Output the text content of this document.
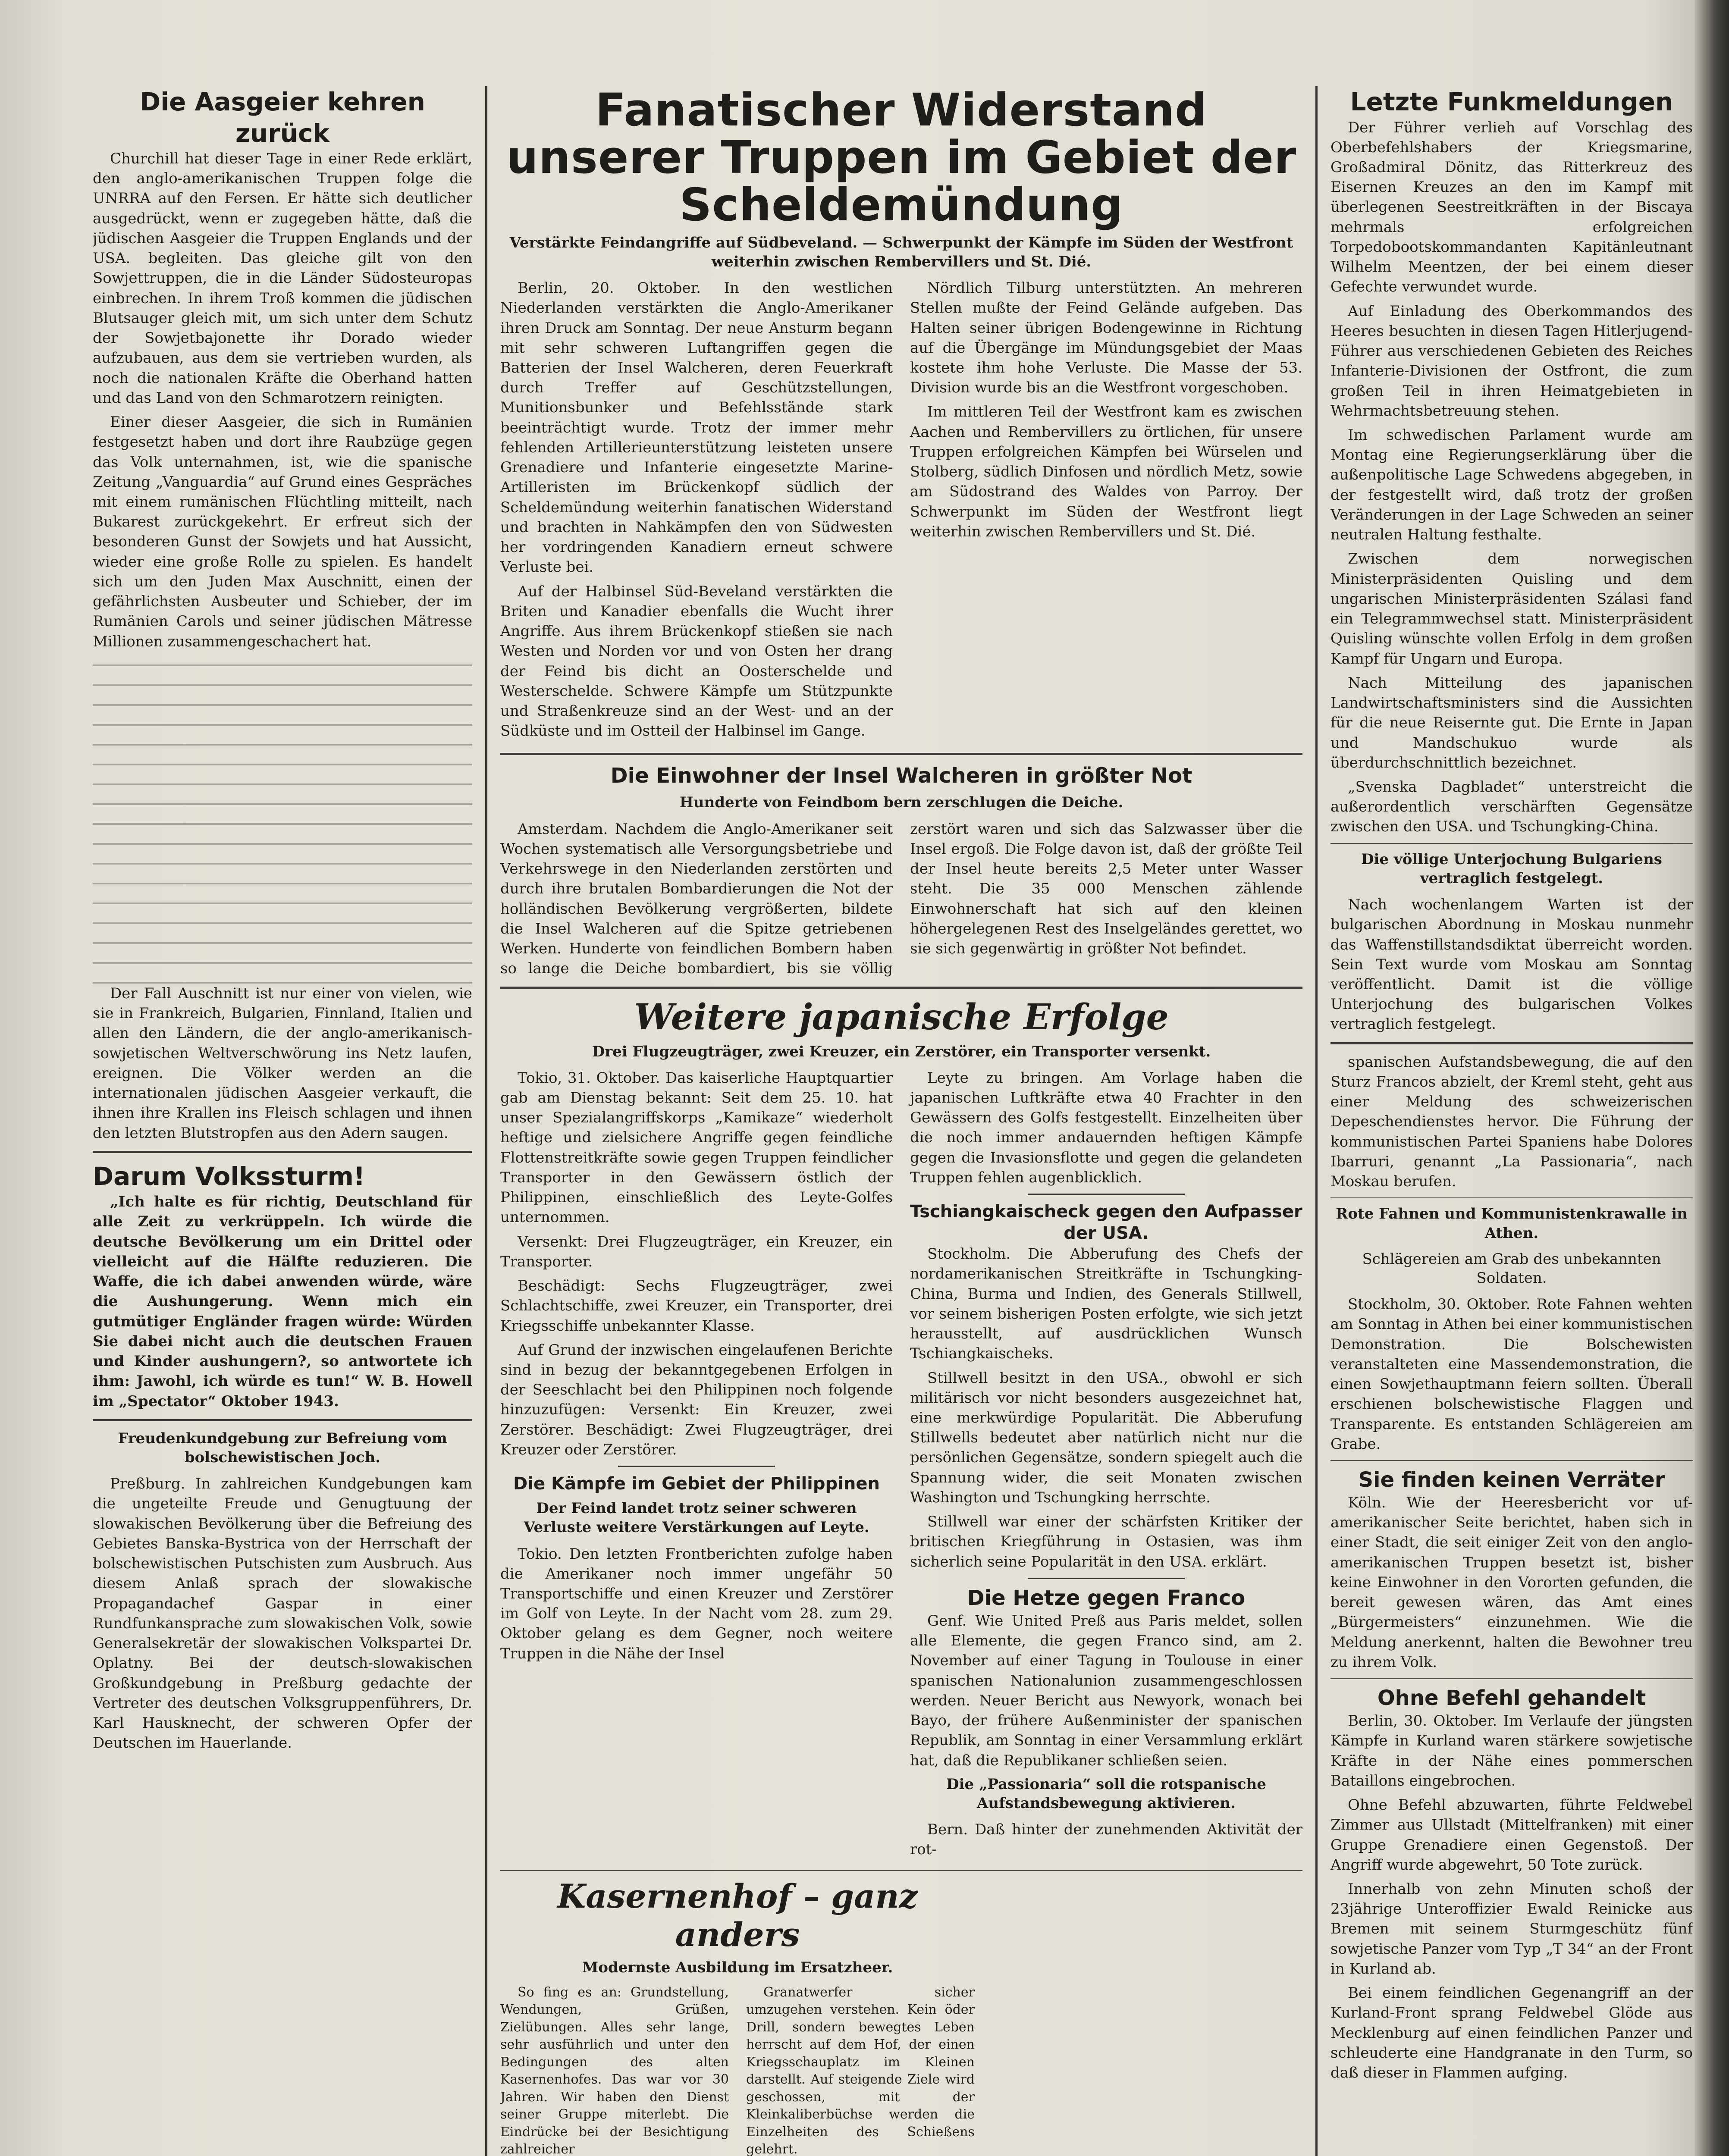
Die Aasgeier kehren zurück

Churchill hat dieser Tage in einer Rede erklärt, den anglo-amerikanischen Truppen folge die UNRRA auf den Fersen. Er hätte sich deutlicher ausgedrückt, wenn er zugegeben hätte, daß die jüdischen Aasgeier die Truppen Englands und der USA. begleiten. Das gleiche gilt von den Sowjettruppen, die in die Länder Südosteuropas einbrechen. In ihrem Troß kommen die jüdischen Blutsauger gleich mit, um sich unter dem Schutz der Sowjetbajonette ihr Dorado wieder aufzubauen, aus dem sie vertrieben wurden, als noch die nationalen Kräfte die Oberhand hatten und das Land von den Schmarotzern reinigten.

Einer dieser Aasgeier, die sich in Rumänien festgesetzt haben und dort ihre Raubzüge gegen das Volk unternahmen, ist, wie die spanische Zeitung „Vanguardia“ auf Grund eines Gespräches mit einem rumänischen Flüchtling mitteilt, nach Bukarest zurückgekehrt. Er erfreut sich der besonderen Gunst der Sowjets und hat Aussicht, wieder eine große Rolle zu spielen. Es handelt sich um den Juden Max Auschnitt, einen der gefährlichsten Ausbeuter und Schieber, der im Rumänien Carols und seiner jüdischen Mätresse Millionen zusammengeschachert hat.

Der Fall Auschnitt ist nur einer von vielen, wie sie in Frankreich, Bulgarien, Finnland, Italien und allen den Ländern, die der anglo-amerikanisch-sowjetischen Weltverschwörung ins Netz laufen, ereignen. Die Völker werden an die internationalen jüdischen Aasgeier verkauft, die ihnen ihre Krallen ins Fleisch schlagen und ihnen den letzten Blutstropfen aus den Adern saugen.

Darum Volkssturm!

„Ich halte es für richtig, Deutschland für alle Zeit zu verkrüppeln. Ich würde die deutsche Bevölkerung um ein Drittel oder vielleicht auf die Hälfte reduzieren. Die Waffe, die ich dabei anwenden würde, wäre die Aushungerung. Wenn mich ein gutmütiger Engländer fragen würde: Würden Sie dabei nicht auch die deutschen Frauen und Kinder aushungern?, so antwortete ich ihm: Jawohl, ich würde es tun!“ W. B. Howell im „Spectator“ Oktober 1943.

Freudenkundgebung zur Befreiung vom bolschewistischen Joch.

Preßburg. In zahlreichen Kundgebungen kam die ungeteilte Freude und Genugtuung der slowakischen Bevölkerung über die Befreiung des Gebietes Banska-Bystrica von der Herrschaft der bolschewistischen Putschisten zum Ausbruch. Aus diesem Anlaß sprach der slowakische Propagandachef Gaspar in einer Rundfunkansprache zum slowakischen Volk, sowie Generalsekretär der slowakischen Volkspartei Dr. Oplatny. Bei der deutsch-slowakischen Großkundgebung in Preßburg gedachte der Vertreter des deutschen Volksgruppenführers, Dr. Karl Hausknecht, der schweren Opfer der Deutschen im Hauerlande.

Fanatischer Widerstand unserer Truppen im Gebiet der Scheldemündung
Verstärkte Feindangriffe auf Südbeveland. — Schwerpunkt der Kämpfe im Süden der Westfront weiterhin zwischen Rembervillers und St. Dié.

Berlin, 20. Oktober. In den westlichen Niederlanden verstärkten die Anglo-Amerikaner ihren Druck am Sonntag. Der neue Ansturm begann mit sehr schweren Luftangriffen gegen die Batterien der Insel Walcheren, deren Feuerkraft durch Treffer auf Geschützstellungen, Munitionsbunker und Befehlsstände stark beeinträchtigt wurde. Trotz der immer mehr fehlenden Artillerieunterstützung leisteten unsere Grenadiere und Infanterie eingesetzte Marine-Artilleristen im Brückenkopf südlich der Scheldemündung weiterhin fanatischen Widerstand und brachten in Nahkämpfen den von Südwesten her vordringenden Kanadiern erneut schwere Verluste bei.

Auf der Halbinsel Süd-Beveland verstärkten die Briten und Kanadier ebenfalls die Wucht ihrer Angriffe. Aus ihrem Brückenkopf stießen sie nach Westen und Norden vor und von Osten her drang der Feind bis dicht an Oosterschelde und Westerschelde. Schwere Kämpfe um Stützpunkte und Straßenkreuze sind an der West- und an der Südküste und im Ostteil der Halbinsel im Gange.

Nördlich Tilburg unterstützten. An mehreren Stellen mußte der Feind Gelände aufgeben. Das Halten seiner übrigen Bodengewinne in Richtung auf die Übergänge im Mündungsgebiet der Maas kostete ihm hohe Verluste. Die Masse der 53. Division wurde bis an die Westfront vorgeschoben.

Im mittleren Teil der Westfront kam es zwischen Aachen und Rembervillers zu örtlichen, für unsere Truppen erfolgreichen Kämpfen bei Würselen und Stolberg, südlich Dinfosen und nördlich Metz, sowie am Südostrand des Waldes von Parroy. Der Schwerpunkt im Süden der Westfront liegt weiterhin zwischen Rembervillers und St. Dié.

Die Einwohner der Insel Walcheren in größter Not
Hunderte von Feindbom bern zerschlugen die Deiche.

Amsterdam. Nachdem die Anglo-Amerikaner seit Wochen systematisch alle Versorgungsbetriebe und Verkehrswege in den Niederlanden zerstörten und durch ihre brutalen Bombardierungen die Not der holländischen Bevölkerung vergrößerten, bildete die Insel Walcheren auf die Spitze getriebenen Werken. Hunderte von feindlichen Bombern haben so lange die Deiche bombardiert, bis sie völlig zerstört waren und sich das Salzwasser über die Insel ergoß. Die Folge davon ist, daß der größte Teil der Insel heute bereits 2,5 Meter unter Wasser steht. Die 35 000 Menschen zählende Einwohnerschaft hat sich auf den kleinen höhergelegenen Rest des Inselgeländes gerettet, wo sie sich gegenwärtig in größter Not befindet.

Weitere japanische Erfolge
Drei Flugzeugträger, zwei Kreuzer, ein Zerstörer, ein Transporter versenkt.

Tokio, 31. Oktober. Das kaiserliche Hauptquartier gab am Dienstag bekannt: Seit dem 25. 10. hat unser Spezialangriffskorps „Kamikaze“ wiederholt heftige und zielsichere Angriffe gegen feindliche Flottenstreitkräfte sowie gegen Truppen feindlicher Transporter in den Gewässern östlich der Philippinen, einschließlich des Leyte-Golfes unternommen.

Versenkt: Drei Flugzeugträger, ein Kreuzer, ein Transporter.

Beschädigt: Sechs Flugzeugträger, zwei Schlachtschiffe, zwei Kreuzer, ein Transporter, drei Kriegsschiffe unbekannter Klasse.

Auf Grund der inzwischen eingelaufenen Berichte sind in bezug der bekanntgegebenen Erfolgen in der Seeschlacht bei den Philippinen noch folgende hinzuzufügen: Versenkt: Ein Kreuzer, zwei Zerstörer. Beschädigt: Zwei Flugzeugträger, drei Kreuzer oder Zerstörer.

Die Kämpfe im Gebiet der Philippinen
Der Feind landet trotz seiner schweren Verluste weitere Verstärkungen auf Leyte.

Tokio. Den letzten Frontberichten zufolge haben die Amerikaner noch immer ungefähr 50 Transportschiffe und einen Kreuzer und Zerstörer im Golf von Leyte. In der Nacht vom 28. zum 29. Oktober gelang es dem Gegner, noch weitere Truppen in die Nähe der Insel

Leyte zu bringen. Am Vorlage haben die japanischen Luftkräfte etwa 40 Frachter in den Gewässern des Golfs festgestellt. Einzelheiten über die noch immer andauernden heftigen Kämpfe gegen die Invasionsflotte und gegen die gelandeten Truppen fehlen augenblicklich.

Tschiangkaischeck gegen den Aufpasser der USA.

Stockholm. Die Abberufung des Chefs der nordamerikanischen Streitkräfte in Tschungking-China, Burma und Indien, des Generals Stillwell, vor seinem bisherigen Posten erfolgte, wie sich jetzt herausstellt, auf ausdrücklichen Wunsch Tschiangkaischeks.

Stillwell besitzt in den USA., obwohl er sich militärisch vor nicht besonders ausgezeichnet hat, eine merkwürdige Popularität. Die Abberufung Stillwells bedeutet aber natürlich nicht nur die persönlichen Gegensätze, sondern spiegelt auch die Spannung wider, die seit Monaten zwischen Washington und Tschungking herrschte.

Stillwell war einer der schärfsten Kritiker der britischen Kriegführung in Ostasien, was ihm sicherlich seine Popularität in den USA. erklärt.

Die Hetze gegen Franco

Genf. Wie United Preß aus Paris meldet, sollen alle Elemente, die gegen Franco sind, am 2. November auf einer Tagung in Toulouse in einer spanischen Nationalunion zusammengeschlossen werden. Neuer Bericht aus Newyork, wonach bei Bayo, der frühere Außenminister der spanischen Republik, am Sonntag in einer Versammlung erklärt hat, daß die Republikaner schließen seien.

Die „Passionaria“ soll die rotspanische Aufstandsbewegung aktivieren.

Bern. Daß hinter der zunehmenden Aktivität der rot-

Kasernenhof – ganz anders
Modernste Ausbildung im Ersatzheer.

So fing es an: Grundstellung, Wendungen, Grüßen, Zielübungen. Alles sehr lange, sehr ausführlich und unter den Bedingungen des alten Kasernenhofes. Das war vor 30 Jahren. Wir haben den Dienst seiner Gruppe miterlebt. Die Eindrücke bei der Besichtigung zahlreicher

Granatwerfer sicher umzugehen verstehen. Kein öder Drill, sondern bewegtes Leben herrscht auf dem Hof, der einen Kriegsschauplatz im Kleinen darstellt. Auf steigende Ziele wird geschossen, mit der Kleinkaliberbüchse werden die Einzelheiten des Schießens gelehrt.

Letzte Funkmeldungen

Der Führer verlieh auf Vorschlag des Oberbefehlshabers der Kriegsmarine, Großadmiral Dönitz, das Ritterkreuz des Eisernen Kreuzes an den im Kampf mit überlegenen Seestreitkräften in der Biscaya mehrmals erfolgreichen Torpedobootskommandanten Kapitänleutnant Wilhelm Meentzen, der bei einem dieser Gefechte verwundet wurde.

Auf Einladung des Oberkommandos des Heeres besuchten in diesen Tagen Hitlerjugend-Führer aus verschiedenen Gebieten des Reiches Infanterie-Divisionen der Ostfront, die zum großen Teil in ihren Heimatgebieten in Wehrmachtsbetreuung stehen.

Im schwedischen Parlament wurde am Montag eine Regierungserklärung über die außenpolitische Lage Schwedens abgegeben, in der festgestellt wird, daß trotz der großen Veränderungen in der Lage Schweden an seiner neutralen Haltung festhalte.

Zwischen dem norwegischen Ministerpräsidenten Quisling und dem ungarischen Ministerpräsidenten Szálasi fand ein Telegrammwechsel statt. Ministerpräsident Quisling wünschte vollen Erfolg in dem großen Kampf für Ungarn und Europa.

Nach Mitteilung des japanischen Landwirtschaftsministers sind die Aussichten für die neue Reisernte gut. Die Ernte in Japan und Mandschukuo wurde als überdurchschnittlich bezeichnet.

„Svenska Dagbladet“ unterstreicht die außerordentlich verschärften Gegensätze zwischen den USA. und Tschungking-China.

Die völlige Unterjochung Bulgariens vertraglich festgelegt.

Nach wochenlangem Warten ist der bulgarischen Abordnung in Moskau nunmehr das Waffenstillstandsdiktat überreicht worden. Sein Text wurde vom Moskau am Sonntag veröffentlicht. Damit ist die völlige Unterjochung des bulgarischen Volkes vertraglich festgelegt.

spanischen Aufstandsbewegung, die auf den Sturz Francos abzielt, der Kreml steht, geht aus einer Meldung des schweizerischen Depeschendienstes hervor. Die Führung der kommunistischen Partei Spaniens habe Dolores Ibarruri, genannt „La Passionaria“, nach Moskau berufen.

Rote Fahnen und Kommunistenkrawalle in Athen.
Schlägereien am Grab des unbekannten Soldaten.

Stockholm, 30. Oktober. Rote Fahnen wehten am Sonntag in Athen bei einer kommunistischen Demonstration. Die Bolschewisten veranstalteten eine Massendemonstration, die einen Sowjethauptmann feiern sollten. Überall erschienen bolschewistische Flaggen und Transparente. Es entstanden Schlägereien am Grabe.

Sie finden keinen Verräter

Köln. Wie der Heeresbericht vor uf-amerikanischer Seite berichtet, haben sich in einer Stadt, die seit einiger Zeit von den anglo-amerikanischen Truppen besetzt ist, bisher keine Einwohner in den Vororten gefunden, die bereit gewesen wären, das Amt eines „Bürgermeisters“ einzunehmen. Wie die Meldung anerkennt, halten die Bewohner treu zu ihrem Volk.

Ohne Befehl gehandelt

Berlin, 30. Oktober. Im Verlaufe der jüngsten Kämpfe in Kurland waren stärkere sowjetische Kräfte in der Nähe eines pommerschen Bataillons eingebrochen.

Ohne Befehl abzuwarten, führte Feldwebel Zimmer aus Ullstadt (Mittelfranken) mit einer Gruppe Grenadiere einen Gegenstoß. Der Angriff wurde abgewehrt, 50 Tote zurück.

Innerhalb von zehn Minuten schoß der 23jährige Unteroffizier Ewald Reinicke aus Bremen mit seinem Sturmgeschütz fünf sowjetische Panzer vom Typ „T 34“ an der Front in Kurland ab.

Bei einem feindlichen Gegenangriff an der Kurland-Front sprang Feldwebel Glöde aus Mecklenburg auf einen feindlichen Panzer und schleuderte eine Handgranate in den Turm, so daß dieser in Flammen aufging.
